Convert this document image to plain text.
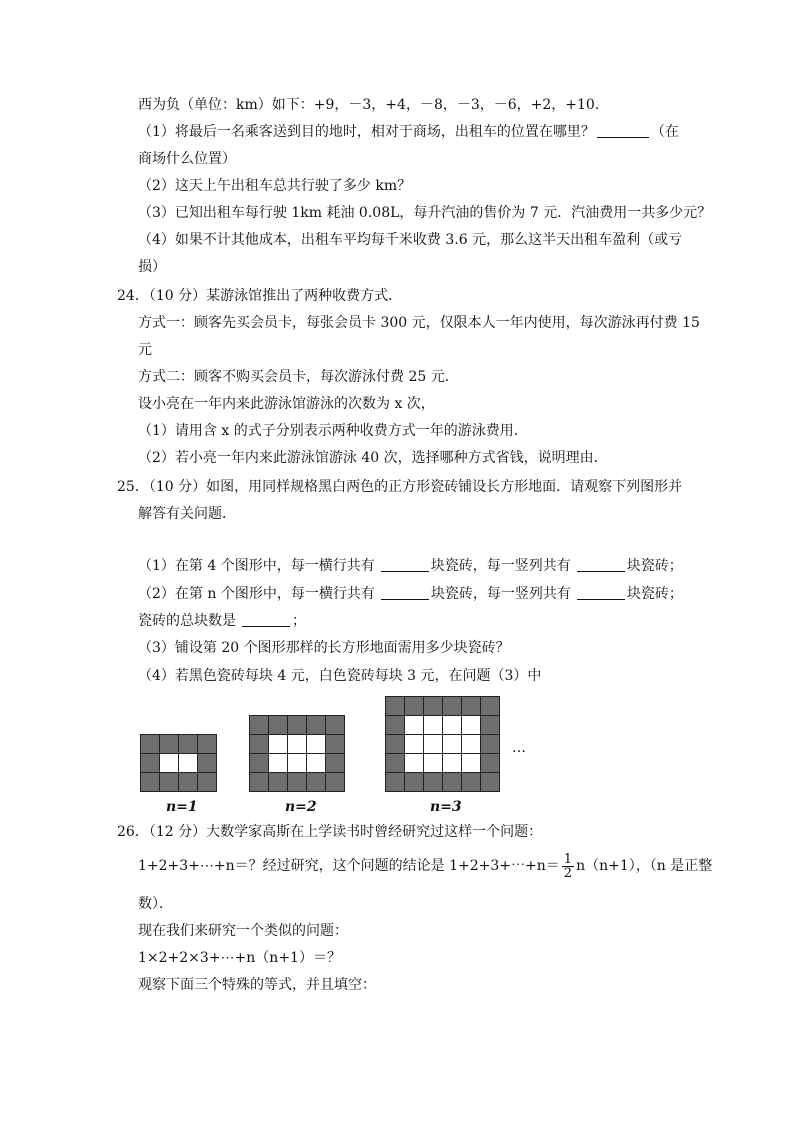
西为负（单位：km）如下：+9，－3，+4，－8，－3，－6，+2，+10．
（1）将最后一名乘客送到目的地时，相对于商场，出租车的位置在哪里？	（在
商场什么位置）
（2）这天上午出租车总共行驶了多少 km？
（3）已知出租车每行驶 1km 耗油 0.08L，每升汽油的售价为 7 元．汽油费用一共多少元？
（4）如果不计其他成本，出租车平均每千米收费 3.6 元，那么这半天出租车盈利（或亏
损）
24．（10 分）某游泳馆推出了两种收费方式．
方式一：顾客先买会员卡，每张会员卡 300 元，仅限本人一年内使用，每次游泳再付费 15
元
方式二：顾客不购买会员卡，每次游泳付费 25 元．
设小亮在一年内来此游泳馆游泳的次数为 x 次，
（1）请用含 x 的式子分别表示两种收费方式一年的游泳费用．
（2）若小亮一年内来此游泳馆游泳 40 次，选择哪种方式省钱，说明理由．
25．（10 分）如图，用同样规格黑白两色的正方形瓷砖铺设长方形地面．请观察下列图形并
解答有关问题．
（1）在第 4 个图形中，每一横行共有	块瓷砖，每一竖列共有	块瓷砖；
（2）在第 n 个图形中，每一横行共有	块瓷砖，每一竖列共有	块瓷砖；
瓷砖的总块数是	；
（3）铺设第 20 个图形那样的长方形地面需用多少块瓷砖？
（4）若黑色瓷砖每块 4 元，白色瓷砖每块 3 元，在问题（3）中
n=1	n=2	n=3
…
26．（12 分）大数学家高斯在上学读书时曾经研究过这样一个问题：
1+2+3+⋯+n＝？经过研究，这个问题的结论是 1+2+3+⋯+n＝ $\frac{1}{2} n(n+1)$，（n 是正整
数）．
现在我们来研究一个类似的问题：
1×2+2×3+⋯+n（n+1）＝？
观察下面三个特殊的等式，并且填空：
